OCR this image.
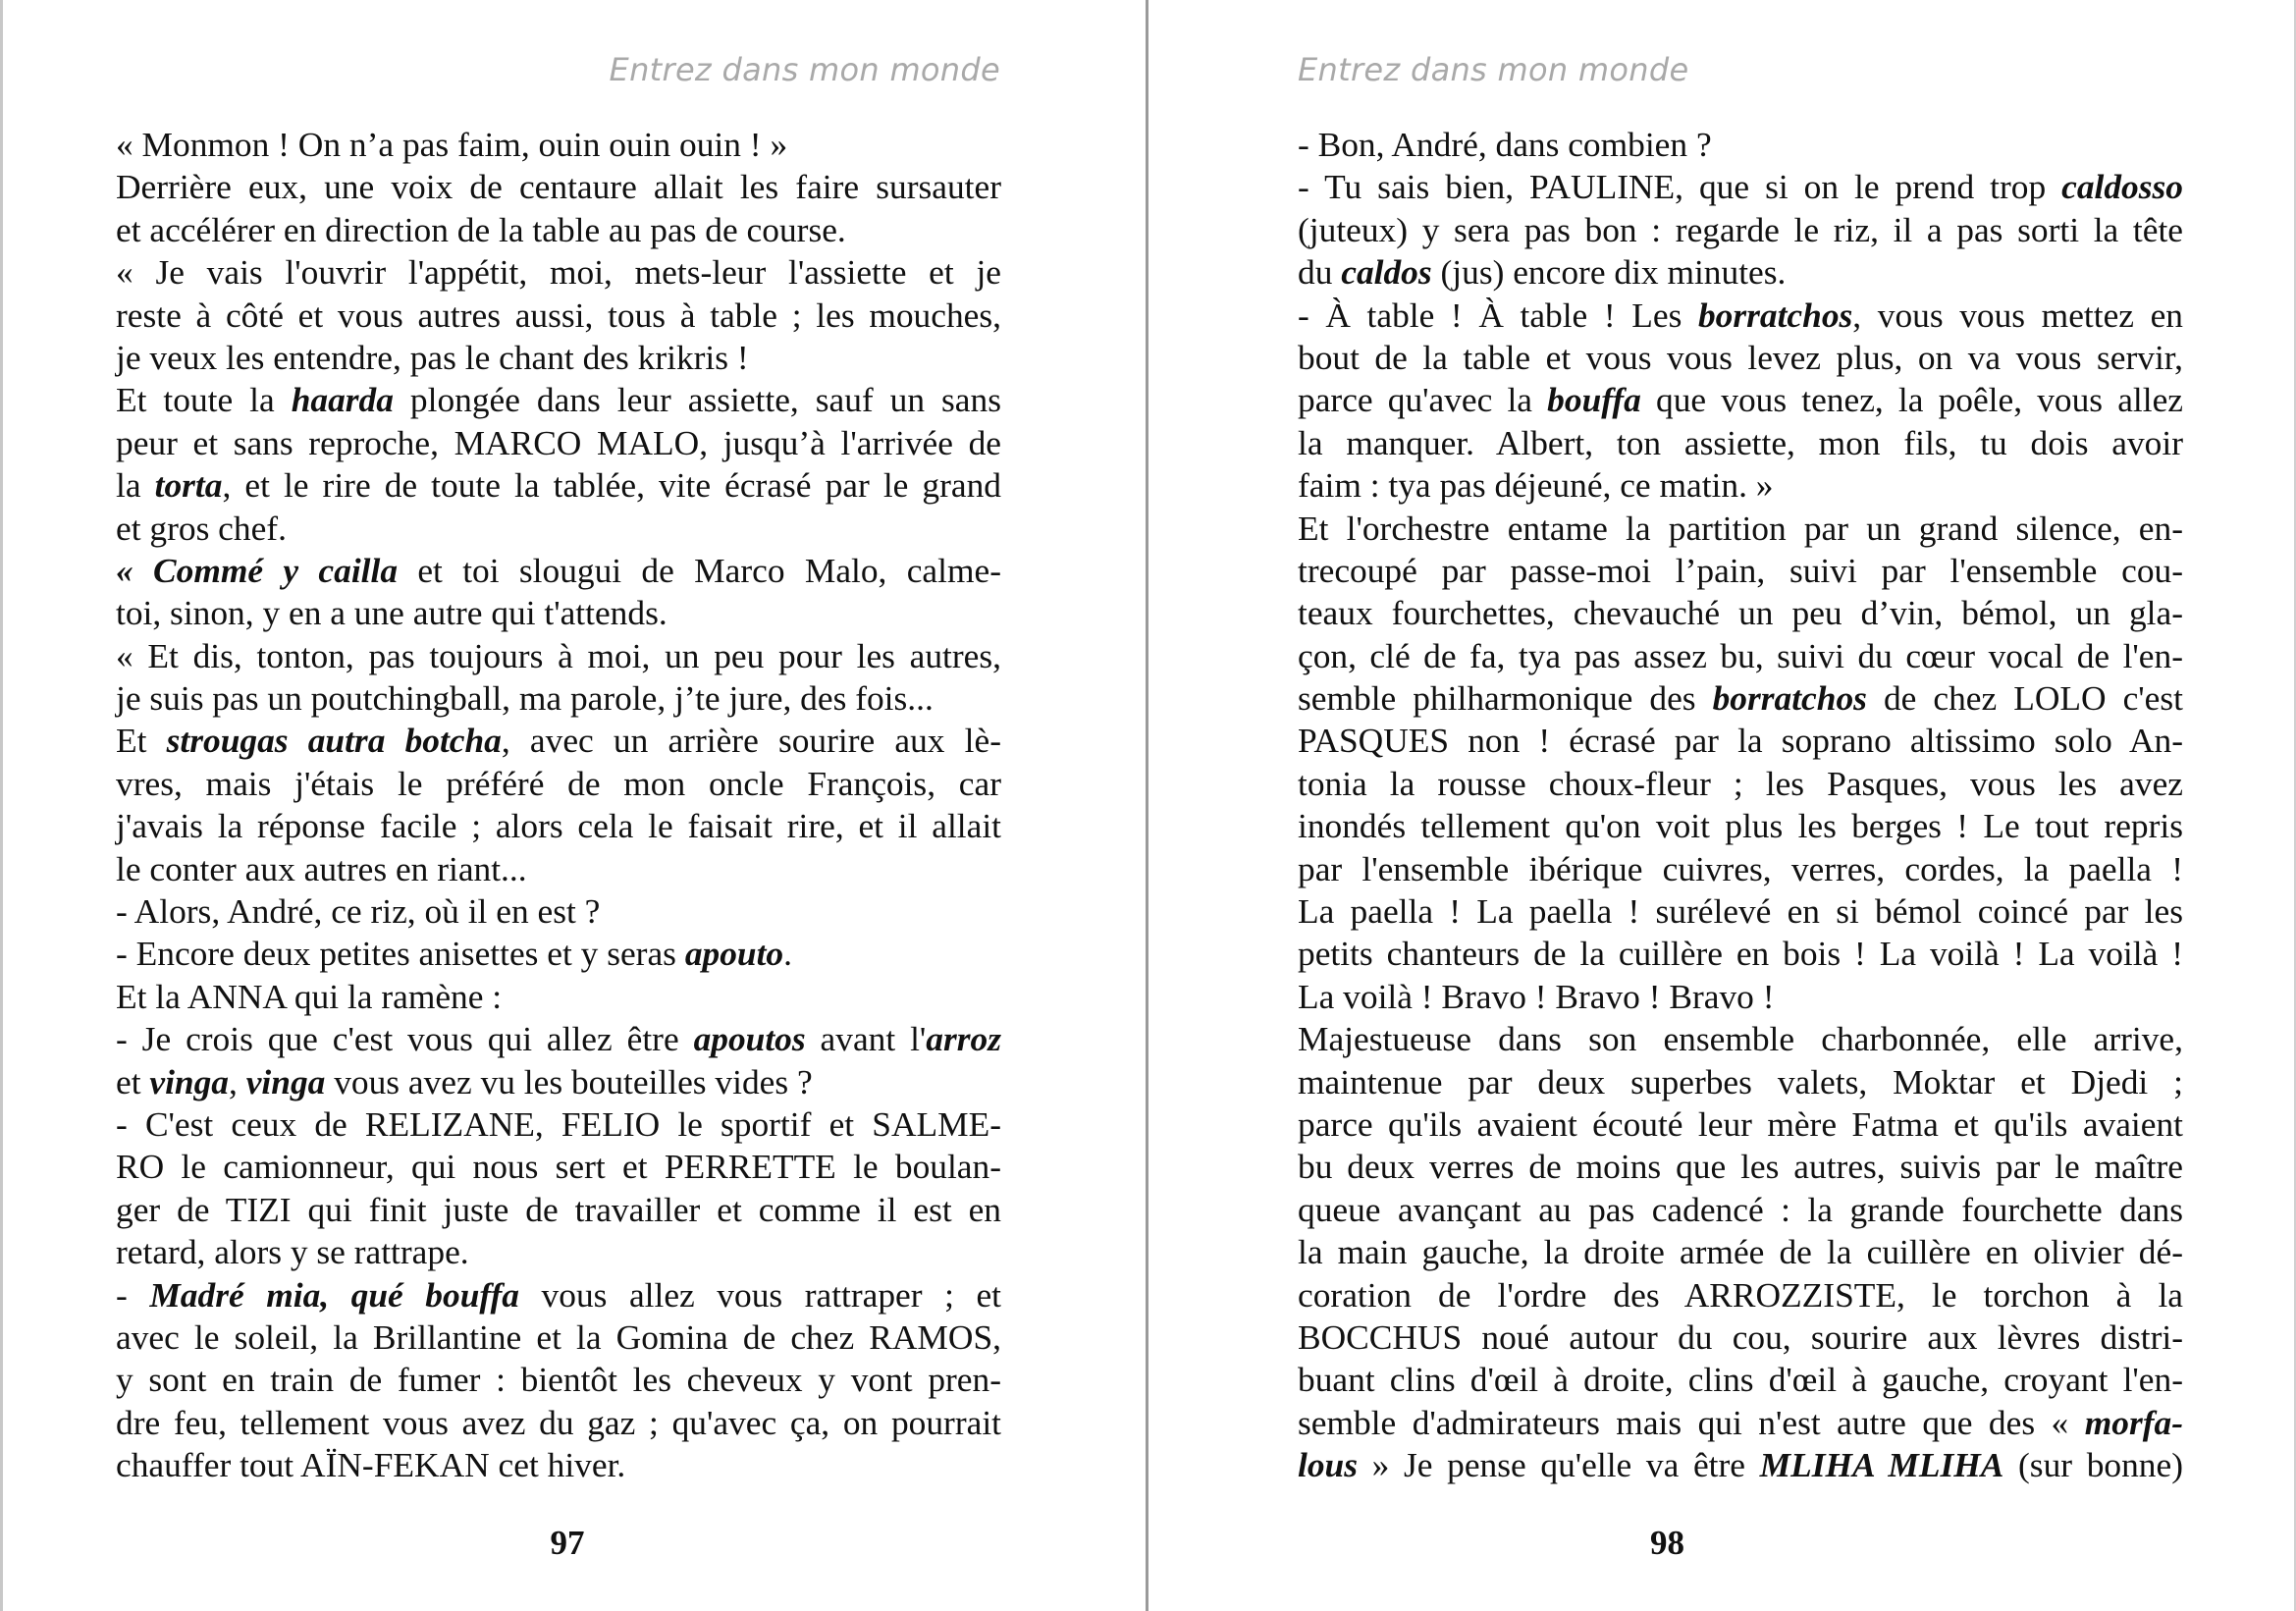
Entrez dans mon monde
« Monmon ! On n’a pas faim, ouin ouin ouin ! »
Derrière eux, une voix de centaure allait les faire sursauter
et accélérer en direction de la table au pas de course.
« Je vais l'ouvrir l'appétit, moi, mets-leur l'assiette et je
reste à côté et vous autres aussi, tous à table ; les mouches,
je veux les entendre, pas le chant des krikris !
Et toute la haarda plongée dans leur assiette, sauf un sans
peur et sans reproche, MARCO MALO, jusqu’à l'arrivée de
la torta, et le rire de toute la tablée, vite écrasé par le grand
et gros chef.
« Commé y cailla et toi slougui de Marco Malo, calme-
toi, sinon, y en a une autre qui t'attends.
« Et dis, tonton, pas toujours à moi, un peu pour les autres,
je suis pas un poutchingball, ma parole, j’te jure, des fois...
Et strougas autra botcha, avec un arrière sourire aux lè-
vres, mais j'étais le préféré de mon oncle François, car
j'avais la réponse facile ; alors cela le faisait rire, et il allait
le conter aux autres en riant...
- Alors, André, ce riz, où il en est ?
- Encore deux petites anisettes et y seras apouto.
Et la ANNA qui la ramène :
- Je crois que c'est vous qui allez être apoutos avant l'arroz
et vinga, vinga vous avez vu les bouteilles vides ?
- C'est ceux de RELIZANE, FELIO le sportif et SALME-
RO le camionneur, qui nous sert et PERRETTE le boulan-
ger de TIZI qui finit juste de travailler et comme il est en
retard, alors y se rattrape.
- Madré mia, qué bouffa vous allez vous rattraper ; et
avec le soleil, la Brillantine et la Gomina de chez RAMOS,
y sont en train de fumer : bientôt les cheveux y vont pren-
dre feu, tellement vous avez du gaz ; qu'avec ça, on pourrait
chauffer tout AÏN-FEKAN cet hiver.
97
Entrez dans mon monde
- Bon, André, dans combien ?
- Tu sais bien, PAULINE, que si on le prend trop caldosso
(juteux) y sera pas bon : regarde le riz, il a pas sorti la tête
du caldos (jus) encore dix minutes.
- À table ! À table ! Les borratchos, vous vous mettez en
bout de la table et vous vous levez plus, on va vous servir,
parce qu'avec la bouffa que vous tenez, la poêle, vous allez
la manquer. Albert, ton assiette, mon fils, tu dois avoir
faim : tya pas déjeuné, ce matin. »
Et l'orchestre entame la partition par un grand silence, en-
trecoupé par passe-moi l’pain, suivi par l'ensemble cou-
teaux fourchettes, chevauché un peu d’vin, bémol, un gla-
çon, clé de fa, tya pas assez bu, suivi du cœur vocal de l'en-
semble philharmonique des borratchos de chez LOLO c'est
PASQUES non ! écrasé par la soprano altissimo solo An-
tonia la rousse choux-fleur ; les Pasques, vous les avez
inondés tellement qu'on voit plus les berges ! Le tout repris
par l'ensemble ibérique cuivres, verres, cordes, la paella !
La paella ! La paella ! surélevé en si bémol coincé par les
petits chanteurs de la cuillère en bois ! La voilà ! La voilà !
La voilà ! Bravo ! Bravo ! Bravo !
Majestueuse dans son ensemble charbonnée, elle arrive,
maintenue par deux superbes valets, Moktar et Djedi ;
parce qu'ils avaient écouté leur mère Fatma et qu'ils avaient
bu deux verres de moins que les autres, suivis par le maître
queue avançant au pas cadencé : la grande fourchette dans
la main gauche, la droite armée de la cuillère en olivier dé-
coration de l'ordre des ARROZZISTE, le torchon à la
BOCCHUS noué autour du cou, sourire aux lèvres distri-
buant clins d'œil à droite, clins d'œil à gauche, croyant l'en-
semble d'admirateurs mais qui n'est autre que des « morfa-
lous » Je pense qu'elle va être MLIHA MLIHA (sur bonne)
98
